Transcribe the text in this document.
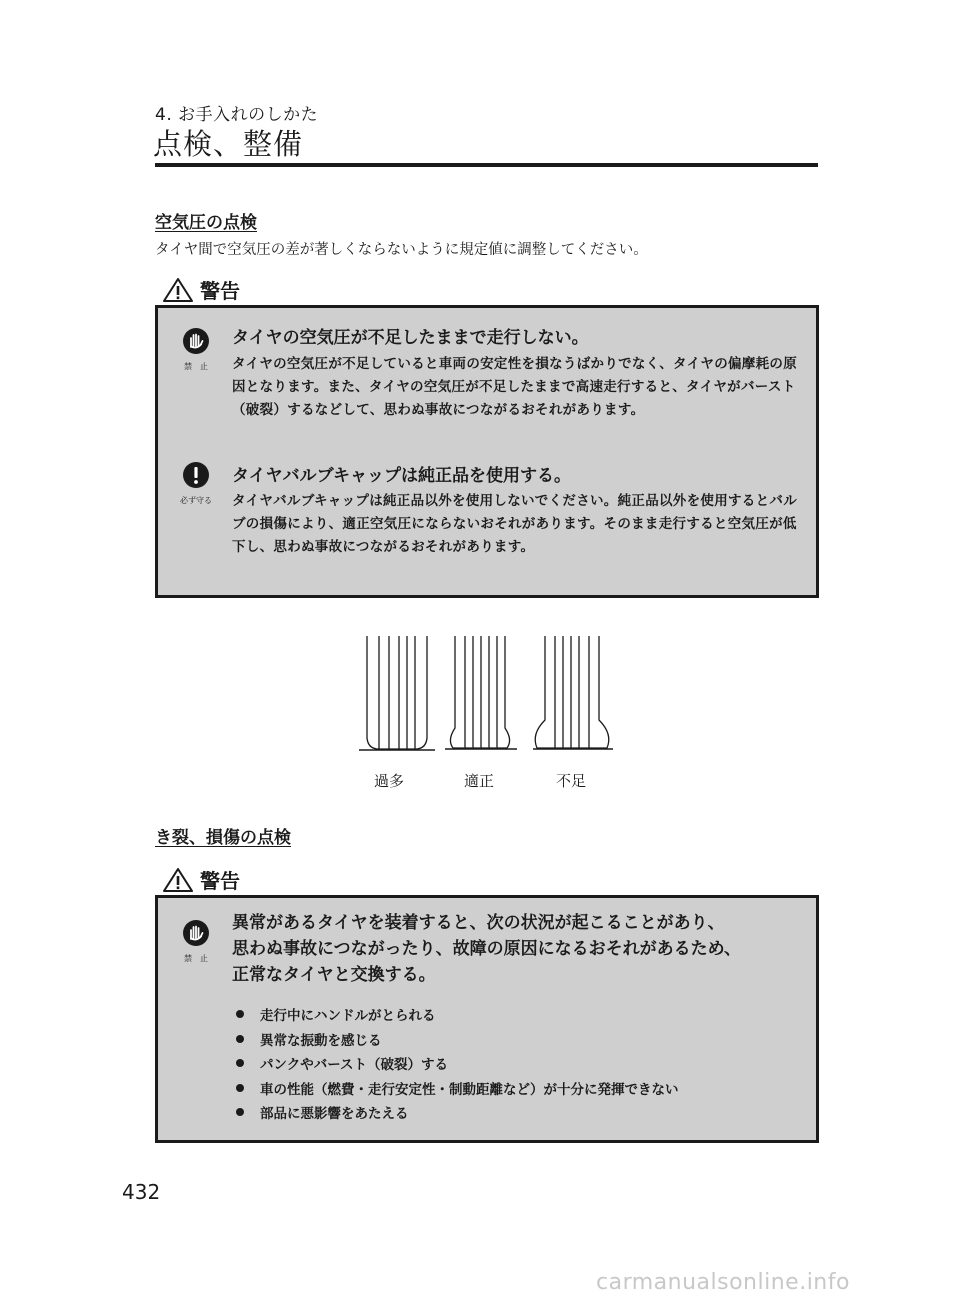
4. お手入れのしかた
点検、整備
空気圧の点検
タイヤ間で空気圧の差が著しくならないように規定値に調整してください。
警告
禁　止
タイヤの空気圧が不足したままで走行しない。
タイヤの空気圧が不足していると車両の安定性を損なうばかりでなく、タイヤの偏摩耗の原因となります。また、タイヤの空気圧が不足したままで高速走行すると、タイヤがバースト（破裂）するなどして、思わぬ事故につながるおそれがあります。
必ず守る
タイヤバルブキャップは純正品を使用する。
タイヤバルブキャップは純正品以外を使用しないでください。純正品以外を使用するとバルブの損傷により、適正空気圧にならないおそれがあります。そのまま走行すると空気圧が低下し、思わぬ事故につながるおそれがあります。
過多	適正	不足
き裂、損傷の点検
警告
禁　止
異常があるタイヤを装着すると、次の状況が起こることがあり、
思わぬ事故につながったり、故障の原因になるおそれがあるため、
正常なタイヤと交換する。
走行中にハンドルがとられる
異常な振動を感じる
パンクやバースト（破裂）する
車の性能（燃費・走行安定性・制動距離など）が十分に発揮できない
部品に悪影響をあたえる
432
carmanualsonline.info
